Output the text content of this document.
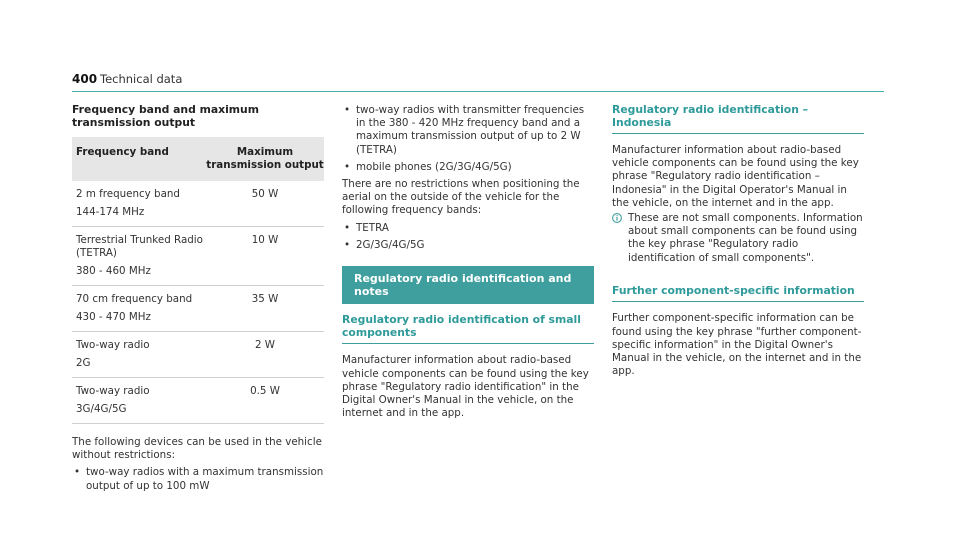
400 Technical data
Frequency band and maximum transmission output
Frequency band	Maximum transmission output

2 m frequency band
144-174 MHz	50 W

Terrestrial Trunked Radio (TETRA)
380 - 460 MHz	10 W

70 cm frequency band
430 - 470 MHz	35 W

Two-way radio
2G	2 W

Two-way radio
3G/4G/5G	0.5 W
The following devices can be used in the vehicle without restrictions:
• two-way radios with a maximum transmission output of up to 100 mW
• two-way radios with transmitter frequencies in the 380 - 420 MHz frequency band and a maximum transmission output of up to 2 W (TETRA)
• mobile phones (2G/3G/4G/5G)
There are no restrictions when positioning the aerial on the outside of the vehicle for the following frequency bands:
• TETRA
• 2G/3G/4G/5G
Regulatory radio identification and notes
Regulatory radio identification of small components
Manufacturer information about radio-based vehicle components can be found using the key phrase "Regulatory radio identification" in the Digital Owner's Manual in the vehicle, on the internet and in the app.
Regulatory radio identification – Indonesia
Manufacturer information about radio-based vehicle components can be found using the key phrase "Regulatory radio identification – Indonesia" in the Digital Operator's Manual in the vehicle, on the internet and in the app.
These are not small components. Information about small components can be found using the key phrase "Regulatory radio identification of small components".
Further component-specific information
Further component-specific information can be found using the key phrase "further component-specific information" in the Digital Owner's Manual in the vehicle, on the internet and in the app.
